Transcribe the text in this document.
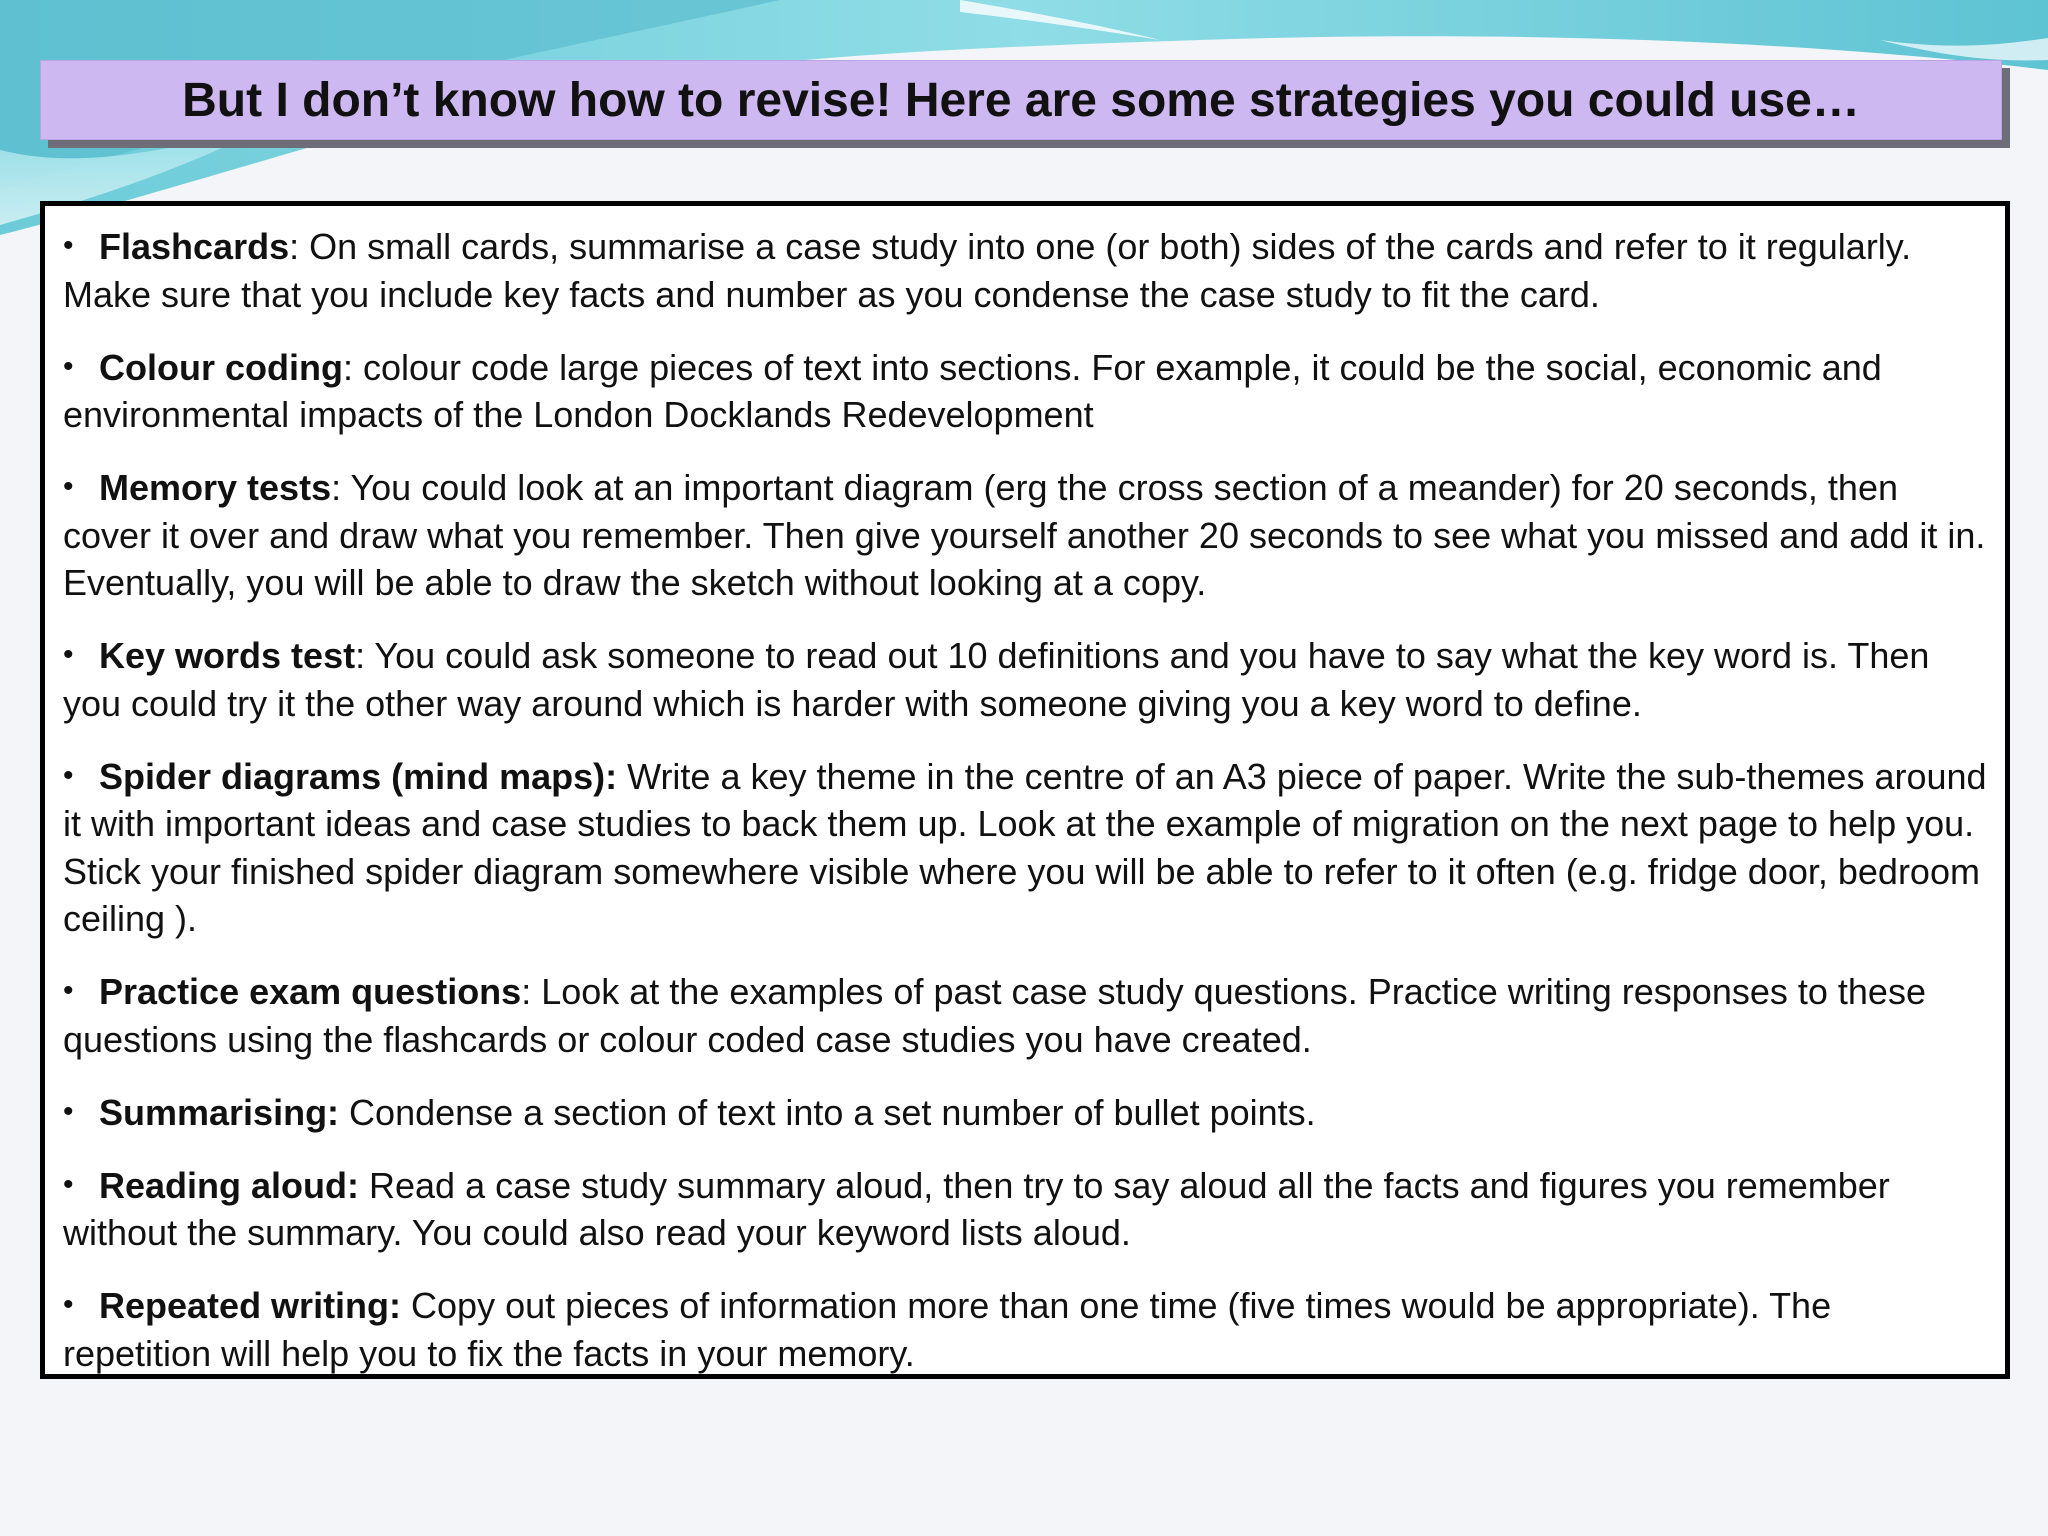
But I don’t know how to revise! Here are some strategies you could use…
• Flashcards: On small cards, summarise a case study into one (or both) sides of the cards and refer to it regularly. Make sure that you include key facts and number as you condense the case study to fit the card.
• Colour coding: colour code large pieces of text into sections. For example, it could be the social, economic and environmental impacts of the London Docklands Redevelopment
• Memory tests: You could look at an important diagram (erg the cross section of a meander) for 20 seconds, then cover it over and draw what you remember. Then give yourself another 20 seconds to see what you missed and add it in. Eventually, you will be able to draw the sketch without looking at a copy.
• Key words test: You could ask someone to read out 10 definitions and you have to say what the key word is. Then you could try it the other way around which is harder with someone giving you a key word to define.
• Spider diagrams (mind maps): Write a key theme in the centre of an A3 piece of paper. Write the sub-themes around it with important ideas and case studies to back them up. Look at the example of migration on the next page to help you. Stick your finished spider diagram somewhere visible where you will be able to refer to it often (e.g. fridge door, bedroom ceiling ).
• Practice exam questions: Look at the examples of past case study questions. Practice writing responses to these questions using the flashcards or colour coded case studies you have created.
• Summarising: Condense a section of text into a set number of bullet points.
• Reading aloud: Read a case study summary aloud, then try to say aloud all the facts and figures you remember without the summary. You could also read your keyword lists aloud.
• Repeated writing: Copy out pieces of information more than one time (five times would be appropriate). The repetition will help you to fix the facts in your memory.
